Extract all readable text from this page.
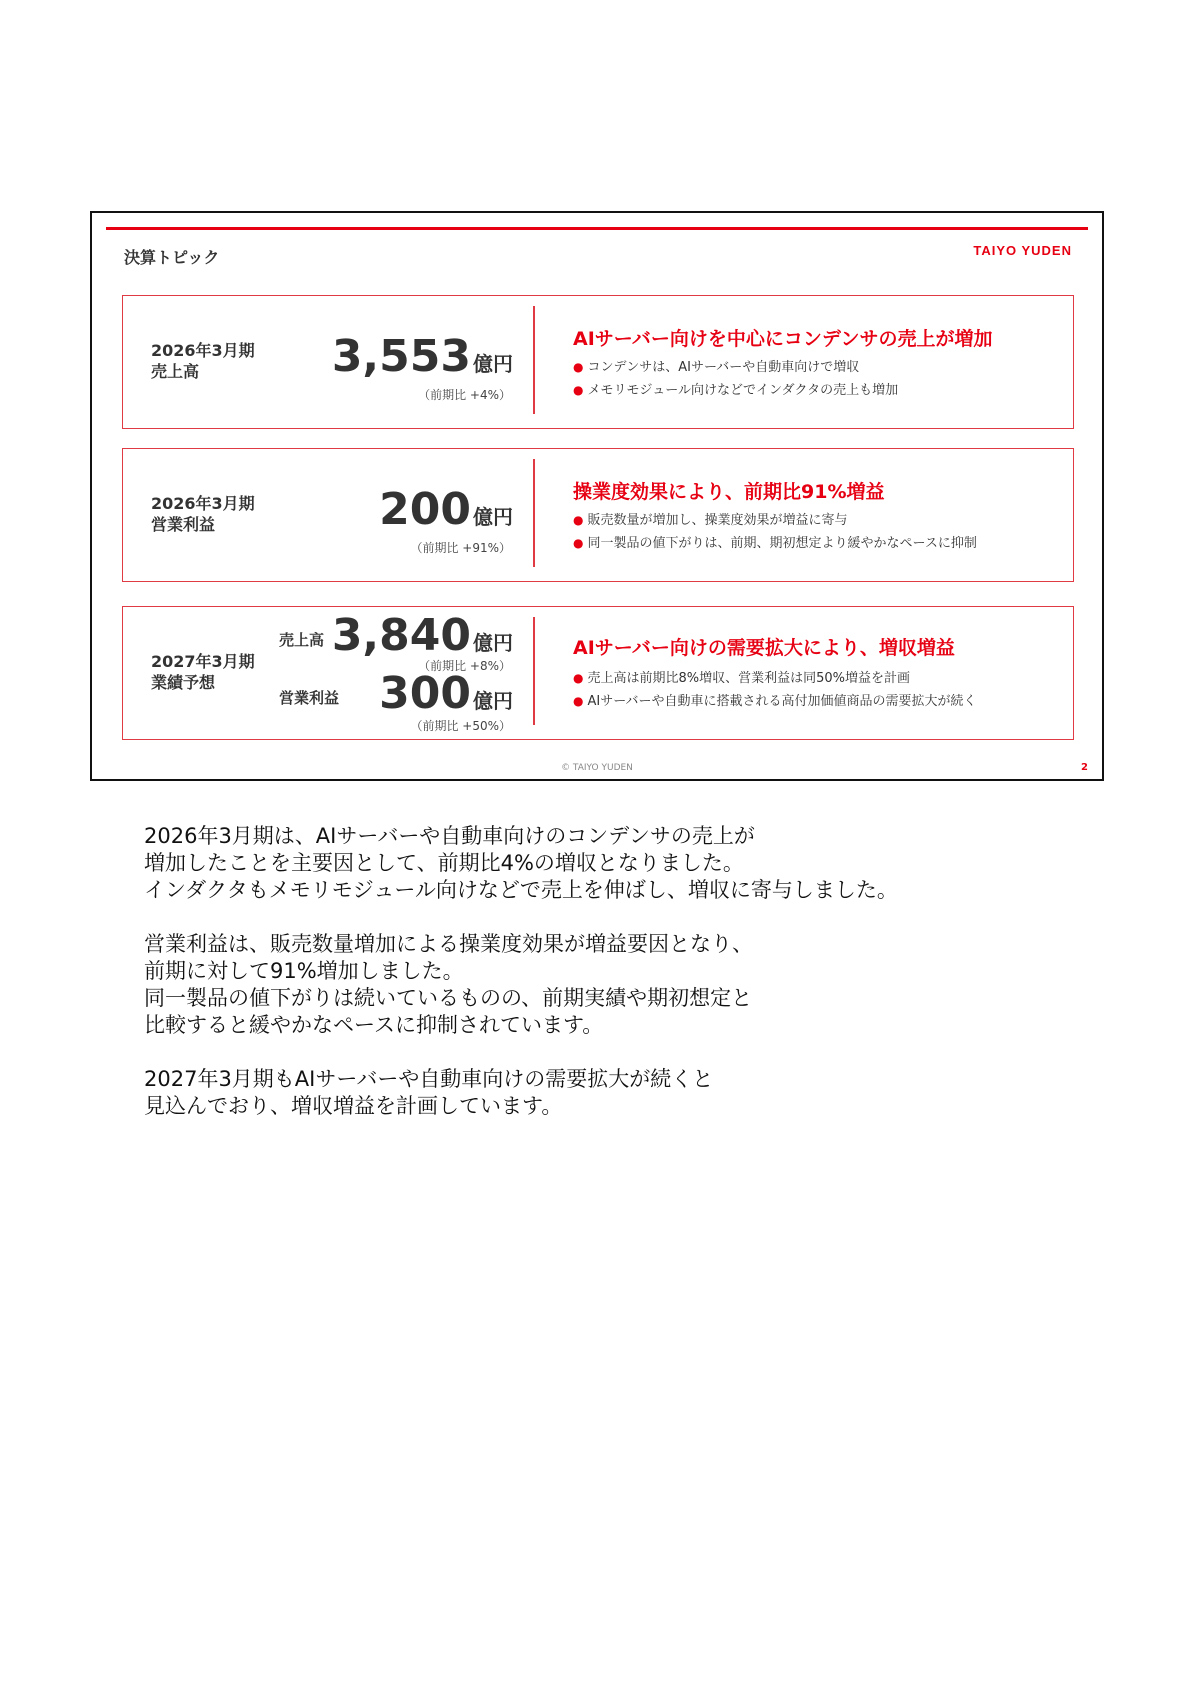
決算トピック	TAIYO YUDEN
2026年3月期
売上高	3,553 億円
（前期比 +4%）
AIサーバー向けを中心にコンデンサの売上が増加
● コンデンサは、AIサーバーや自動車向けで増収
● メモリモジュール向けなどでインダクタの売上も増加
2026年3月期
営業利益	200 億円
（前期比 +91%）
操業度効果により、前期比91%増益
● 販売数量が増加し、操業度効果が増益に寄与
● 同一製品の値下がりは、前期、期初想定より緩やかなペースに抑制
2027年3月期
業績予想
売上高 3,840 億円
（前期比 +8%）
営業利益 300 億円
（前期比 +50%）
AIサーバー向けの需要拡大により、増収増益
● 売上高は前期比8%増収、営業利益は同50%増益を計画
● AIサーバーや自動車に搭載される高付加価値商品の需要拡大が続く
© TAIYO YUDEN	2

2026年3月期は、AIサーバーや自動車向けのコンデンサの売上が
増加したことを主要因として、前期比4%の増収となりました。
インダクタもメモリモジュール向けなどで売上を伸ばし、増収に寄与しました。

営業利益は、販売数量増加による操業度効果が増益要因となり、
前期に対して91%増加しました。
同一製品の値下がりは続いているものの、前期実績や期初想定と
比較すると緩やかなペースに抑制されています。

2027年3月期もAIサーバーや自動車向けの需要拡大が続くと
見込んでおり、増収増益を計画しています。
